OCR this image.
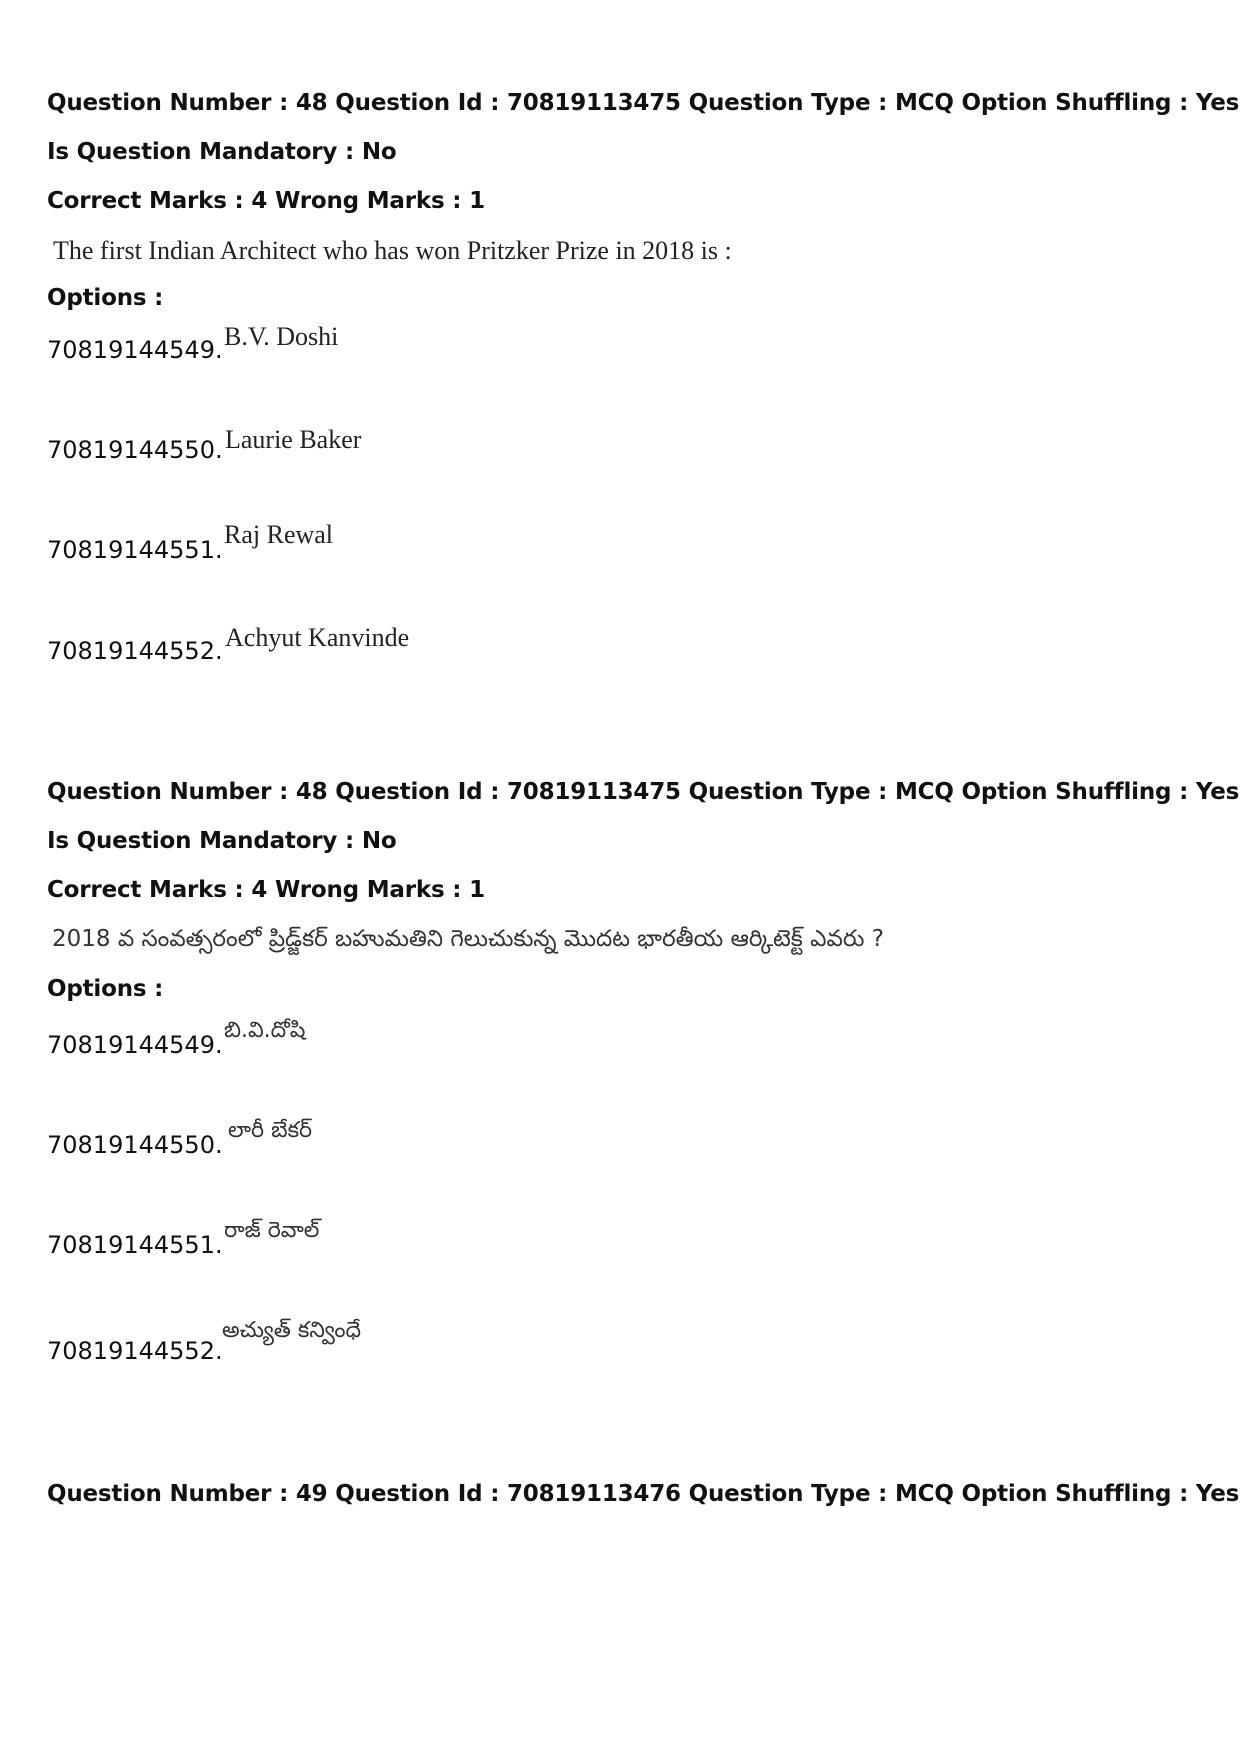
Question Number : 48 Question Id : 70819113475 Question Type : MCQ Option Shuffling : Yes
Is Question Mandatory : No
Correct Marks : 4 Wrong Marks : 1
The first Indian Architect who has won Pritzker Prize in 2018 is :
Options :
70819144549. B.V. Doshi
70819144550. Laurie Baker
70819144551.
Raj Rewal
70819144552. Achyut Kanvinde
Question Number : 48 Question Id : 70819113475 Question Type : MCQ Option Shuffling : Yes
Is Question Mandatory : No
Correct Marks : 4 Wrong Marks : 1
2018 వ సంవత్సరంలో ప్రిడ్జ్‌కర్ బహుమతిని గెలుచుకున్న మొదట భారతీయ ఆర్కిటెక్ట్ ఎవరు ?
Options :
70819144549.
బి.వి.దోషి
70819144550.
లారీ బేకర్
70819144551.
రాజ్ రెవాల్
70819144552.
అచ్యుత్ కన్వింధే
Question Number : 49 Question Id : 70819113476 Question Type : MCQ Option Shuffling : Yes
